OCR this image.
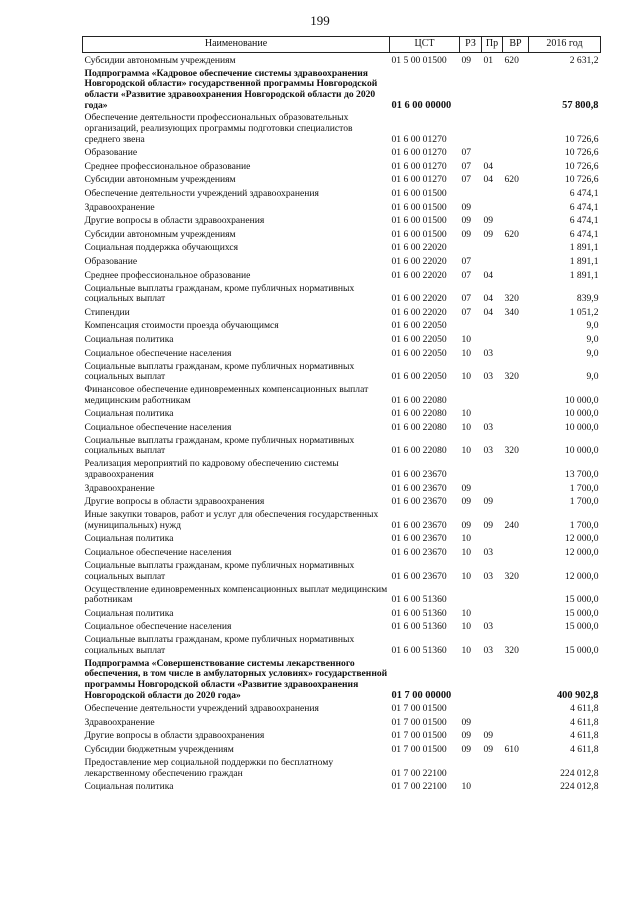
199
Наименование	ЦСТ	РЗ	Пр	ВР	2016 год
Субсидии автономным учреждениям	01 5 00 01500	09	01	620	2 631,2
Подпрограмма «Кадровое обеспечение системы здравоохранения Новгородской области» государственной программы Новгородской области «Развитие здравоохранения Новгородской области до 2020 года»	01 6 00 00000				57 800,8
Обеспечение деятельности профессиональных образовательных организаций, реализующих программы подготовки специалистов среднего звена	01 6 00 01270				10 726,6
Образование	01 6 00 01270	07			10 726,6
Среднее профессиональное образование	01 6 00 01270	07	04		10 726,6
Субсидии автономным учреждениям	01 6 00 01270	07	04	620	10 726,6
Обеспечение деятельности учреждений здравоохранения	01 6 00 01500				6 474,1
Здравоохранение	01 6 00 01500	09			6 474,1
Другие вопросы в области здравоохранения	01 6 00 01500	09	09		6 474,1
Субсидии автономным учреждениям	01 6 00 01500	09	09	620	6 474,1
Социальная поддержка обучающихся	01 6 00 22020				1 891,1
Образование	01 6 00 22020	07			1 891,1
Среднее профессиональное образование	01 6 00 22020	07	04		1 891,1
Социальные выплаты гражданам, кроме публичных нормативных социальных выплат	01 6 00 22020	07	04	320	839,9
Стипендии	01 6 00 22020	07	04	340	1 051,2
Компенсация стоимости проезда обучающимся	01 6 00 22050				9,0
Социальная политика	01 6 00 22050	10			9,0
Социальное обеспечение населения	01 6 00 22050	10	03		9,0
Социальные выплаты гражданам, кроме публичных нормативных социальных выплат	01 6 00 22050	10	03	320	9,0
Финансовое обеспечение единовременных компенсационных выплат медицинским работникам	01 6 00 22080				10 000,0
Социальная политика	01 6 00 22080	10			10 000,0
Социальное обеспечение населения	01 6 00 22080	10	03		10 000,0
Социальные выплаты гражданам, кроме публичных нормативных социальных выплат	01 6 00 22080	10	03	320	10 000,0
Реализация мероприятий по кадровому обеспечению системы здравоохранения	01 6 00 23670				13 700,0
Здравоохранение	01 6 00 23670	09			1 700,0
Другие вопросы в области здравоохранения	01 6 00 23670	09	09		1 700,0
Иные закупки товаров, работ и услуг для обеспечения государственных (муниципальных) нужд	01 6 00 23670	09	09	240	1 700,0
Социальная политика	01 6 00 23670	10			12 000,0
Социальное обеспечение населения	01 6 00 23670	10	03		12 000,0
Социальные выплаты гражданам, кроме публичных нормативных социальных выплат	01 6 00 23670	10	03	320	12 000,0
Осуществление единовременных компенсационных выплат медицинским работникам	01 6 00 51360				15 000,0
Социальная политика	01 6 00 51360	10			15 000,0
Социальное обеспечение населения	01 6 00 51360	10	03		15 000,0
Социальные выплаты гражданам, кроме публичных нормативных социальных выплат	01 6 00 51360	10	03	320	15 000,0
Подпрограмма «Совершенствование системы лекарственного обеспечения, в том числе в амбулаторных условиях» государственной программы Новгородской области «Развитие здравоохранения Новгородской области до 2020 года»	01 7 00 00000				400 902,8
Обеспечение деятельности учреждений здравоохранения	01 7 00 01500				4 611,8
Здравоохранение	01 7 00 01500	09			4 611,8
Другие вопросы в области здравоохранения	01 7 00 01500	09	09		4 611,8
Субсидии бюджетным учреждениям	01 7 00 01500	09	09	610	4 611,8
Предоставление мер социальной поддержки по бесплатному лекарственному обеспечению граждан	01 7 00 22100				224 012,8
Социальная политика	01 7 00 22100	10			224 012,8
